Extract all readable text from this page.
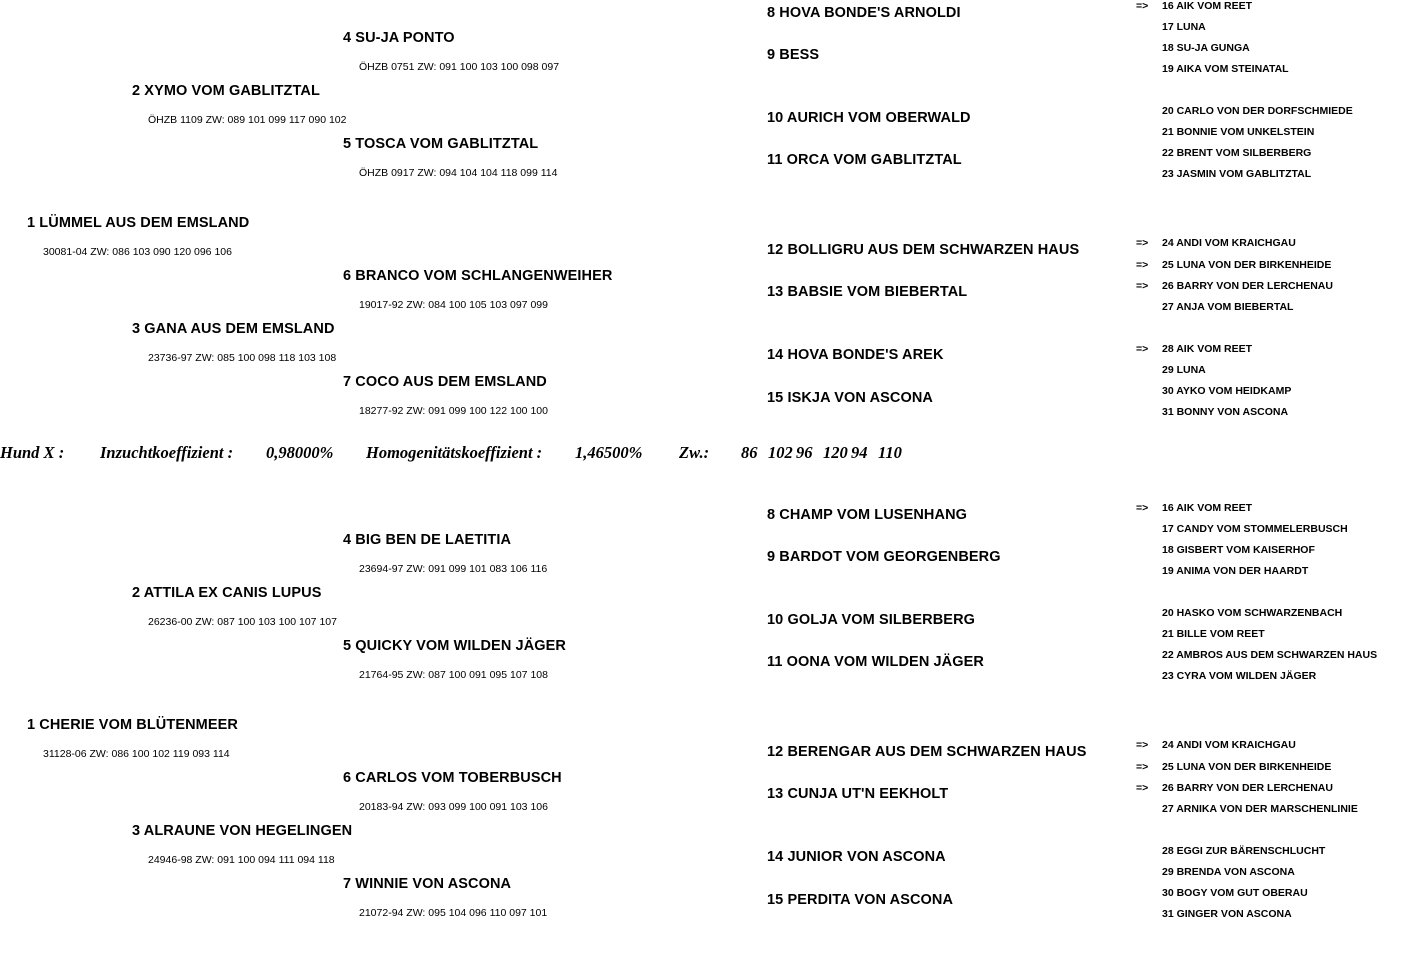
1 LÜMMEL AUS DEM EMSLAND
30081-04 ZW: 086 103 090 120 096 106
2 XYMO VOM GABLITZTAL
ÖHZB 1109 ZW: 089 101 099 117 090 102
3 GANA AUS DEM EMSLAND
23736-97 ZW: 085 100 098 118 103 108
4 SU-JA PONTO
ÖHZB 0751 ZW: 091 100 103 100 098 097
5 TOSCA VOM GABLITZTAL
ÖHZB 0917 ZW: 094 104 104 118 099 114
6 BRANCO VOM SCHLANGENWEIHER
19017-92 ZW: 084 100 105 103 097 099
7 COCO AUS DEM EMSLAND
18277-92 ZW: 091 099 100 122 100 100
8 HOVA BONDE'S ARNOLDI
9 BESS
10 AURICH VOM OBERWALD
11 ORCA VOM GABLITZTAL
12 BOLLIGRU AUS DEM SCHWARZEN HAUS
13 BABSIE VOM BIEBERTAL
14 HOVA BONDE'S AREK
15 ISKJA VON ASCONA
=> 16 AIK VOM REET
17 LUNA
18 SU-JA GUNGA
19 AIKA VOM STEINATAL
20 CARLO VON DER DORFSCHMIEDE
21 BONNIE VOM UNKELSTEIN
22 BRENT VOM SILBERBERG
23 JASMIN VOM GABLITZTAL
=> 24 ANDI VOM KRAICHGAU
=> 25 LUNA VON DER BIRKENHEIDE
=> 26 BARRY VON DER LERCHENAU
27 ANJA VOM BIEBERTAL
=> 28 AIK VOM REET
29 LUNA
30 AYKO VOM HEIDKAMP
31 BONNY VON ASCONA
Hund X : Inzuchtkoeffizient : 0,98000% Homogenitätskoeffizient : 1,46500% Zw.: 86 102 96 120 94 110
1 CHERIE VOM BLÜTENMEER
31128-06 ZW: 086 100 102 119 093 114
2 ATTILA EX CANIS LUPUS
26236-00 ZW: 087 100 103 100 107 107
3 ALRAUNE VON HEGELINGEN
24946-98 ZW: 091 100 094 111 094 118
4 BIG BEN DE LAETITIA
23694-97 ZW: 091 099 101 083 106 116
5 QUICKY VOM WILDEN JÄGER
21764-95 ZW: 087 100 091 095 107 108
6 CARLOS VOM TOBERBUSCH
20183-94 ZW: 093 099 100 091 103 106
7 WINNIE VON ASCONA
21072-94 ZW: 095 104 096 110 097 101
8 CHAMP VOM LUSENHANG
9 BARDOT VOM GEORGENBERG
10 GOLJA VOM SILBERBERG
11 OONA VOM WILDEN JÄGER
12 BERENGAR AUS DEM SCHWARZEN HAUS
13 CUNJA UT'N EEKHOLT
14 JUNIOR VON ASCONA
15 PERDITA VON ASCONA
=> 16 AIK VOM REET
17 CANDY VOM STOMMELERBUSCH
18 GISBERT VOM KAISERHOF
19 ANIMA VON DER HAARDT
20 HASKO VOM SCHWARZENBACH
21 BILLE VOM REET
22 AMBROS AUS DEM SCHWARZEN HAUS
23 CYRA VOM WILDEN JÄGER
=> 24 ANDI VOM KRAICHGAU
=> 25 LUNA VON DER BIRKENHEIDE
=> 26 BARRY VON DER LERCHENAU
27 ARNIKA VON DER MARSCHENLINIE
28 EGGI ZUR BÄRENSCHLUCHT
29 BRENDA VON ASCONA
30 BOGY VOM GUT OBERAU
31 GINGER VON ASCONA
